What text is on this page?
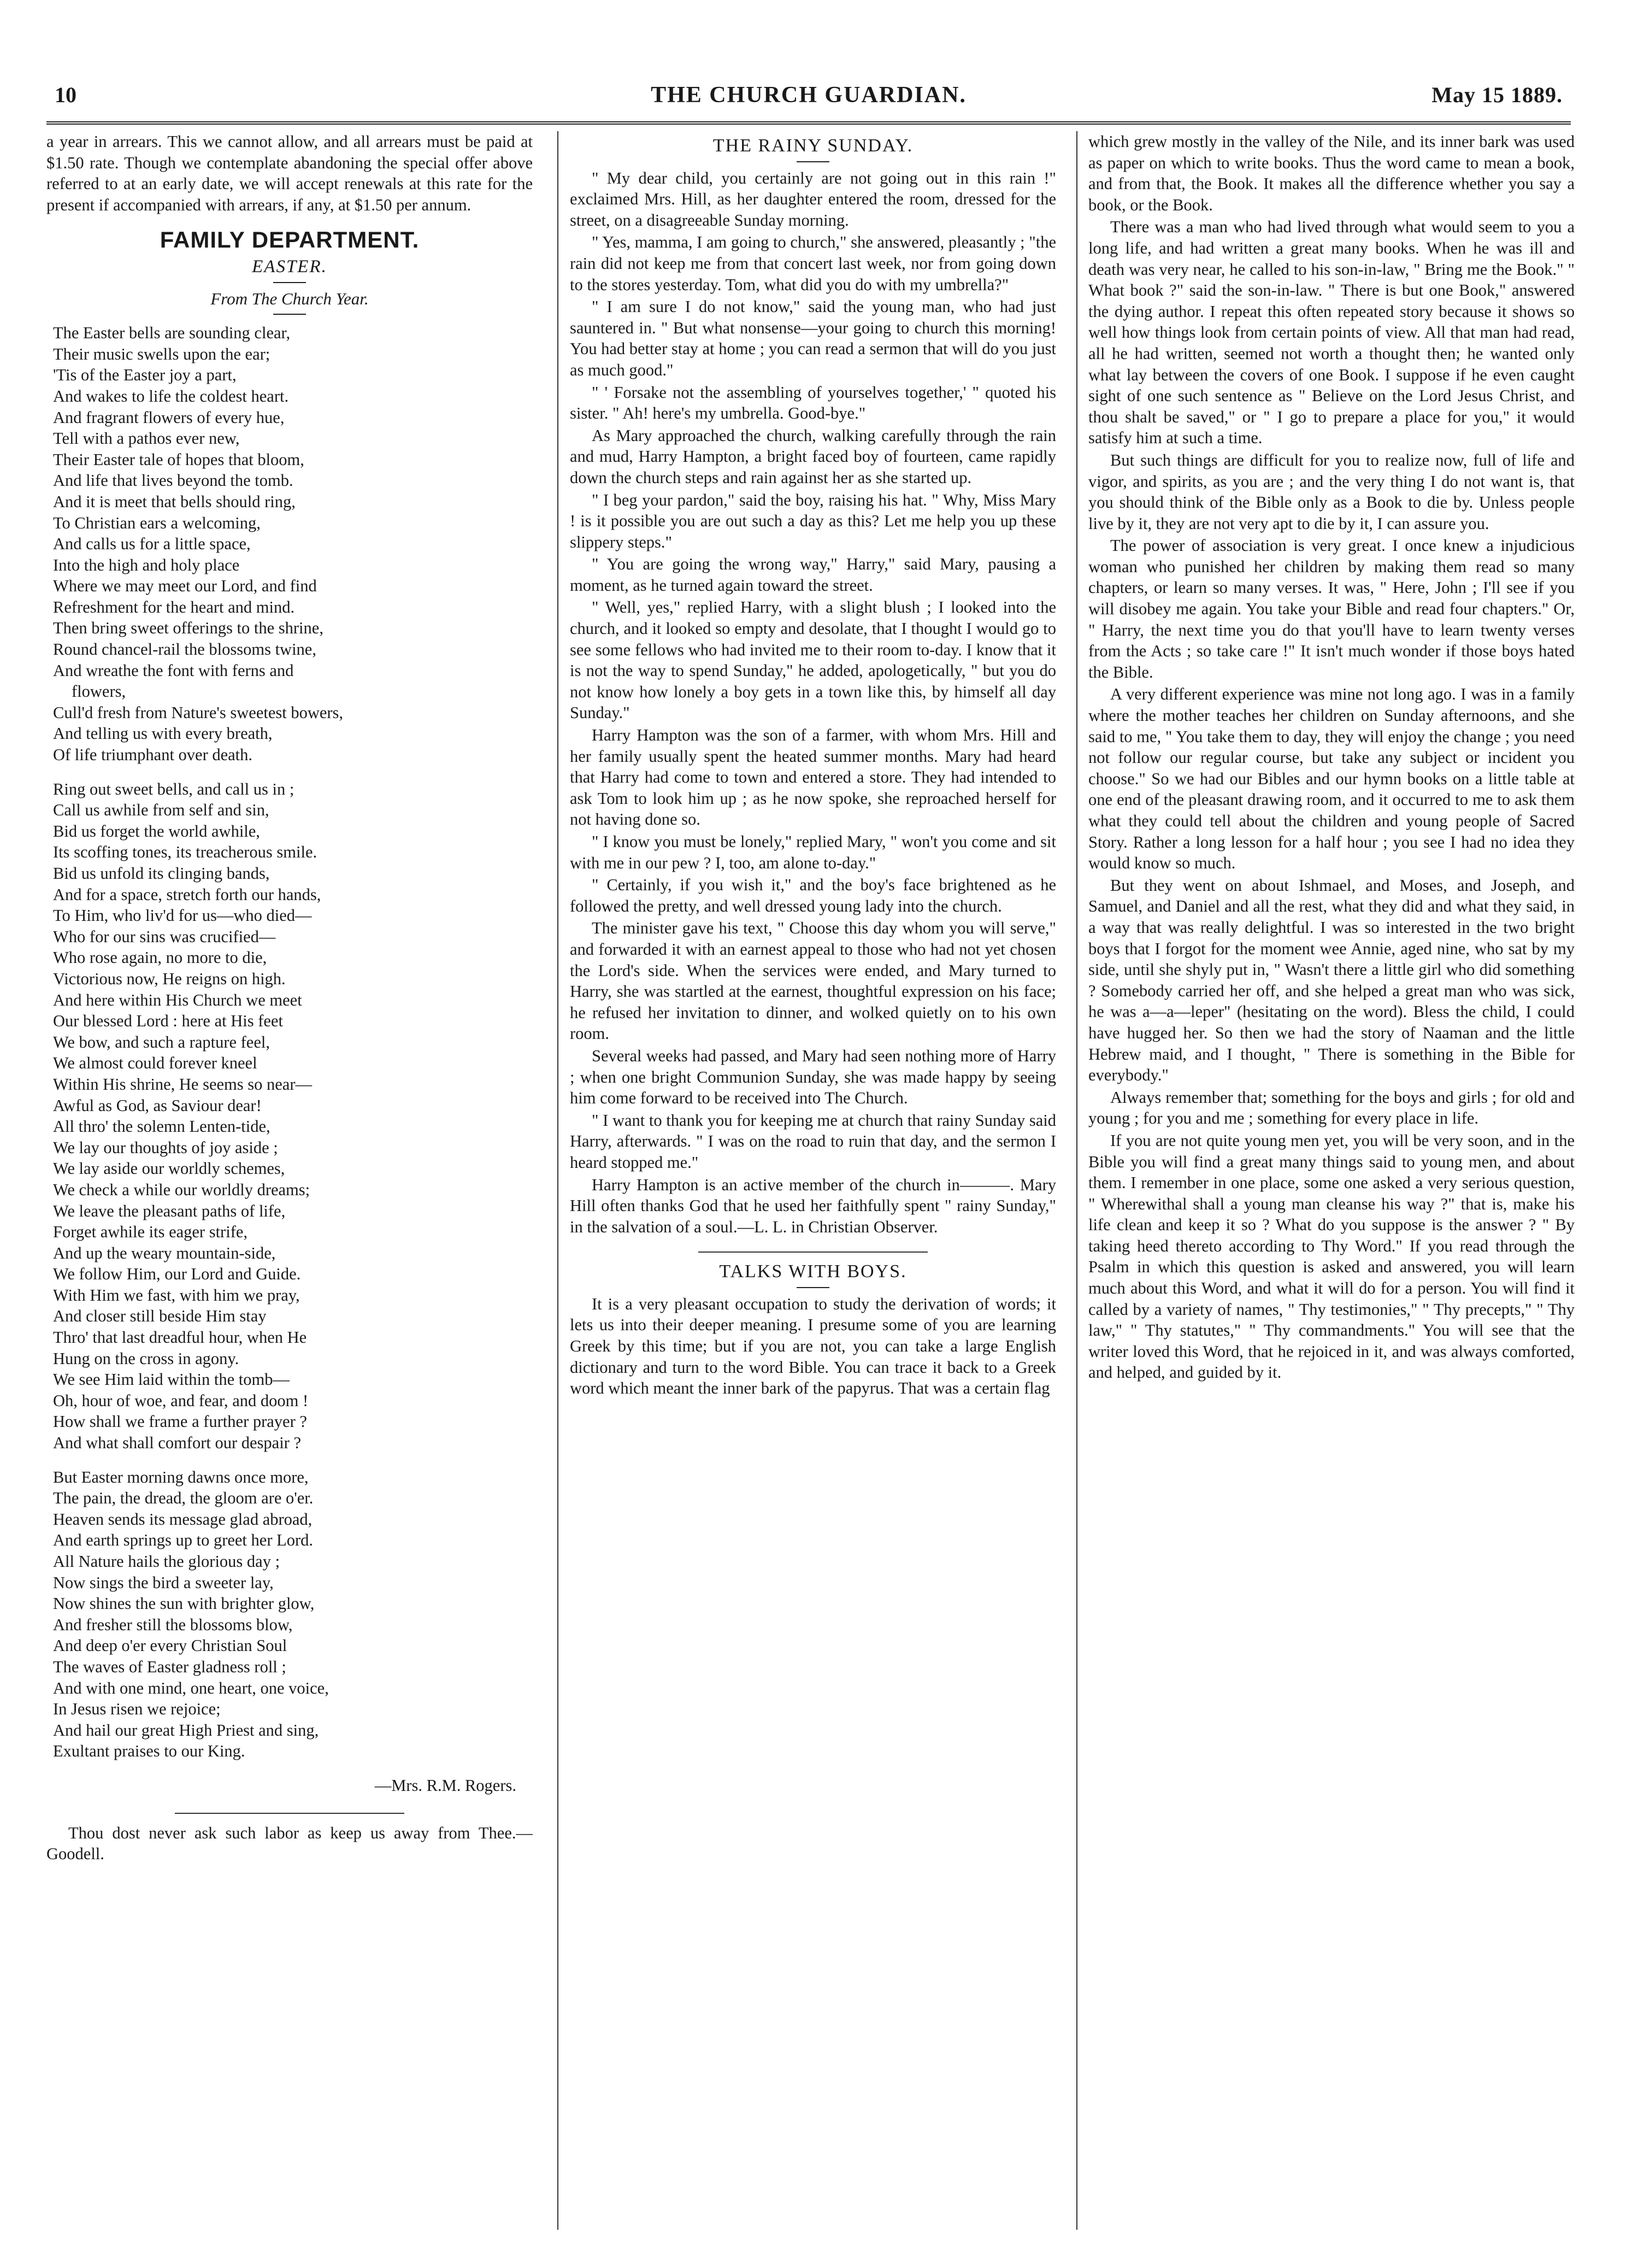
10	THE CHURCH GUARDIAN.	May 15 1889.

a year in arrears. This we cannot allow, and all arrears must be paid at $1.50 rate. Though we contemplate abandoning the special offer above referred to at an early date, we will accept renewals at this rate for the present if accompanied with arrears, if any, at $1.50 per annum.

FAMILY DEPARTMENT.
EASTER.
From The Church Year.
The Easter bells are sounding clear,
Their music swells upon the ear;
'Tis of the Easter joy a part,
And wakes to life the coldest heart.
And fragrant flowers of every hue,
Tell with a pathos ever new,
Their Easter tale of hopes that bloom,
And life that lives beyond the tomb.
And it is meet that bells should ring,
To Christian ears a welcoming,
And calls us for a little space,
Into the high and holy place
Where we may meet our Lord, and find
Refreshment for the heart and mind.
Then bring sweet offerings to the shrine,
Round chancel-rail the blossoms twine,
And wreathe the font with ferns and
flowers,
Cull'd fresh from Nature's sweetest bowers,
And telling us with every breath,
Of life triumphant over death.
Ring out sweet bells, and call us in ;
Call us awhile from self and sin,
Bid us forget the world awhile,
Its scoffing tones, its treacherous smile.
Bid us unfold its clinging bands,
And for a space, stretch forth our hands,
To Him, who liv'd for us—who died—
Who for our sins was crucified—
Who rose again, no more to die,
Victorious now, He reigns on high.
And here within His Church we meet
Our blessed Lord : here at His feet
We bow, and such a rapture feel,
We almost could forever kneel
Within His shrine, He seems so near—
Awful as God, as Saviour dear!
All thro' the solemn Lenten-tide,
We lay our thoughts of joy aside ;
We lay aside our worldly schemes,
We check a while our worldly dreams;
We leave the pleasant paths of life,
Forget awhile its eager strife,
And up the weary mountain-side,
We follow Him, our Lord and Guide.
With Him we fast, with him we pray,
And closer still beside Him stay
Thro' that last dreadful hour, when He
Hung on the cross in agony.
We see Him laid within the tomb—
Oh, hour of woe, and fear, and doom !
How shall we frame a further prayer ?
And what shall comfort our despair ?
But Easter morning dawns once more,
The pain, the dread, the gloom are o'er.
Heaven sends its message glad abroad,
And earth springs up to greet her Lord.
All Nature hails the glorious day ;
Now sings the bird a sweeter lay,
Now shines the sun with brighter glow,
And fresher still the blossoms blow,
And deep o'er every Christian Soul
The waves of Easter gladness roll ;
And with one mind, one heart, one voice,
In Jesus risen we rejoice;
And hail our great High Priest and sing,
Exultant praises to our King.
—Mrs. R.M. Rogers.

Thou dost never ask such labor as keep us away from Thee.—Goodell.

THE RAINY SUNDAY.

" My dear child, you certainly are not going out in this rain !" exclaimed Mrs. Hill, as her daughter entered the room, dressed for the street, on a disagreeable Sunday morning.

" Yes, mamma, I am going to church," she answered, pleasantly ; "the rain did not keep me from that concert last week, nor from going down to the stores yesterday. Tom, what did you do with my umbrella?"

" I am sure I do not know," said the young man, who had just sauntered in. " But what nonsense—your going to church this morning! You had better stay at home ; you can read a sermon that will do you just as much good."

" ' Forsake not the assembling of yourselves together,' " quoted his sister. " Ah! here's my umbrella. Good-bye."

As Mary approached the church, walking carefully through the rain and mud, Harry Hampton, a bright faced boy of fourteen, came rapidly down the church steps and rain against her as she started up.

" I beg your pardon," said the boy, raising his hat. " Why, Miss Mary ! is it possible you are out such a day as this? Let me help you up these slippery steps."

" You are going the wrong way," Harry," said Mary, pausing a moment, as he turned again toward the street.

" Well, yes," replied Harry, with a slight blush ; I looked into the church, and it looked so empty and desolate, that I thought I would go to see some fellows who had invited me to their room to-day. I know that it is not the way to spend Sunday," he added, apologetically, " but you do not know how lonely a boy gets in a town like this, by himself all day Sunday."

Harry Hampton was the son of a farmer, with whom Mrs. Hill and her family usually spent the heated summer months. Mary had heard that Harry had come to town and entered a store. They had intended to ask Tom to look him up ; as he now spoke, she reproached herself for not having done so.

" I know you must be lonely," replied Mary, " won't you come and sit with me in our pew ? I, too, am alone to-day."

" Certainly, if you wish it," and the boy's face brightened as he followed the pretty, and well dressed young lady into the church.

The minister gave his text, " Choose this day whom you will serve," and forwarded it with an earnest appeal to those who had not yet chosen the Lord's side. When the services were ended, and Mary turned to Harry, she was startled at the earnest, thoughtful expression on his face; he refused her invitation to dinner, and wolked quietly on to his own room.

Several weeks had passed, and Mary had seen nothing more of Harry ; when one bright Communion Sunday, she was made happy by seeing him come forward to be received into The Church.

" I want to thank you for keeping me at church that rainy Sunday said Harry, afterwards. " I was on the road to ruin that day, and the sermon I heard stopped me."

Harry Hampton is an active member of the church in———. Mary Hill often thanks God that he used her faithfully spent " rainy Sunday," in the salvation of a soul.—L. L. in Christian Observer.

TALKS WITH BOYS.

It is a very pleasant occupation to study the derivation of words; it lets us into their deeper meaning. I presume some of you are learning Greek by this time; but if you are not, you can take a large English dictionary and turn to the word Bible. You can trace it back to a Greek word which meant the inner bark of the papyrus. That was a certain flag

which grew mostly in the valley of the Nile, and its inner bark was used as paper on which to write books. Thus the word came to mean a book, and from that, the Book. It makes all the difference whether you say a book, or the Book.

There was a man who had lived through what would seem to you a long life, and had written a great many books. When he was ill and death was very near, he called to his son-in-law, " Bring me the Book." " What book ?" said the son-in-law. " There is but one Book," answered the dying author. I repeat this often repeated story because it shows so well how things look from certain points of view. All that man had read, all he had written, seemed not worth a thought then; he wanted only what lay between the covers of one Book. I suppose if he even caught sight of one such sentence as " Believe on the Lord Jesus Christ, and thou shalt be saved," or " I go to prepare a place for you," it would satisfy him at such a time.

But such things are difficult for you to realize now, full of life and vigor, and spirits, as you are ; and the very thing I do not want is, that you should think of the Bible only as a Book to die by. Unless people live by it, they are not very apt to die by it, I can assure you.

The power of association is very great. I once knew a injudicious woman who punished her children by making them read so many chapters, or learn so many verses. It was, " Here, John ; I'll see if you will disobey me again. You take your Bible and read four chapters." Or, " Harry, the next time you do that you'll have to learn twenty verses from the Acts ; so take care !" It isn't much wonder if those boys hated the Bible.

A very different experience was mine not long ago. I was in a family where the mother teaches her children on Sunday afternoons, and she said to me, " You take them to day, they will enjoy the change ; you need not follow our regular course, but take any subject or incident you choose." So we had our Bibles and our hymn books on a little table at one end of the pleasant drawing room, and it occurred to me to ask them what they could tell about the children and young people of Sacred Story. Rather a long lesson for a half hour ; you see I had no idea they would know so much.

But they went on about Ishmael, and Moses, and Joseph, and Samuel, and Daniel and all the rest, what they did and what they said, in a way that was really delightful. I was so interested in the two bright boys that I forgot for the moment wee Annie, aged nine, who sat by my side, until she shyly put in, " Wasn't there a little girl who did something ? Somebody carried her off, and she helped a great man who was sick, he was a—a—leper" (hesitating on the word). Bless the child, I could have hugged her. So then we had the story of Naaman and the little Hebrew maid, and I thought, " There is something in the Bible for everybody."

Always remember that; something for the boys and girls ; for old and young ; for you and me ; something for every place in life.

If you are not quite young men yet, you will be very soon, and in the Bible you will find a great many things said to young men, and about them. I remember in one place, some one asked a very serious question, " Wherewithal shall a young man cleanse his way ?" that is, make his life clean and keep it so ? What do you suppose is the answer ? " By taking heed thereto according to Thy Word." If you read through the Psalm in which this question is asked and answered, you will learn much about this Word, and what it will do for a person. You will find it called by a variety of names, " Thy testimonies," " Thy precepts," " Thy law," " Thy statutes," " Thy commandments." You will see that the writer loved this Word, that he rejoiced in it, and was always comforted, and helped, and guided by it.
